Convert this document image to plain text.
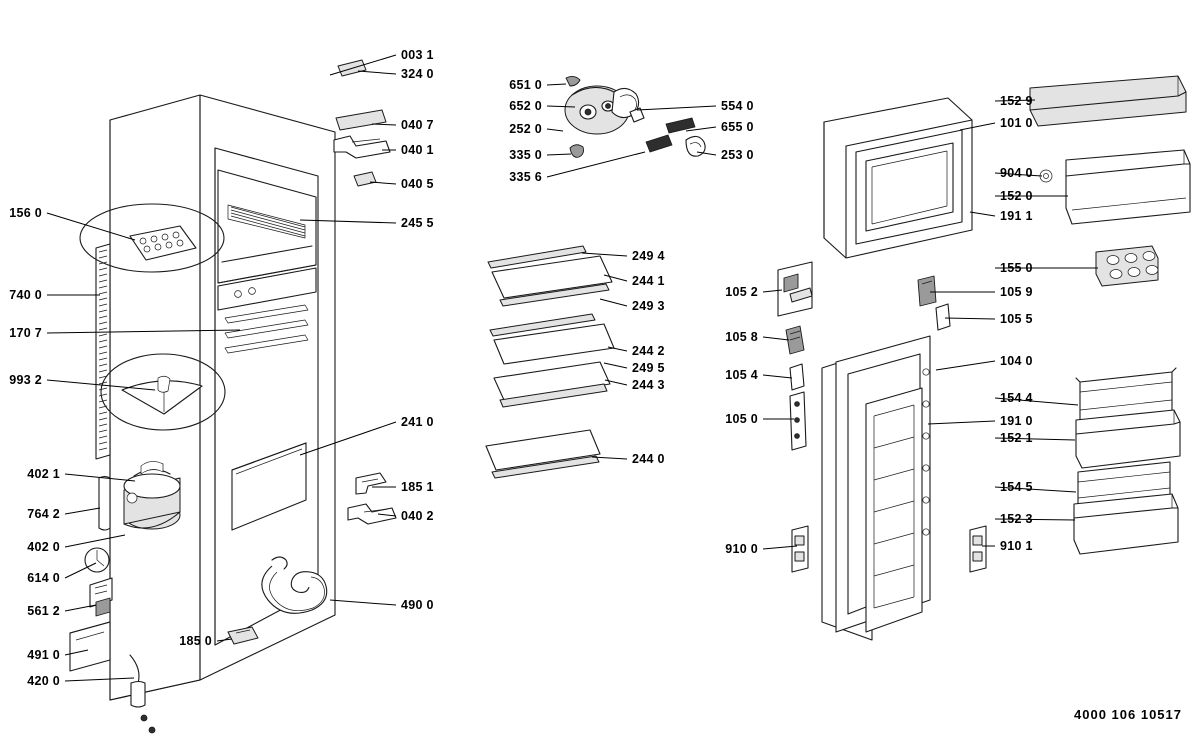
003 1
324 0
040 7
040 1
040 5
245 5
156 0
740 0
170 7
993 2
402 1
764 2
402 0
614 0
561 2
491 0
420 0
185 0
241 0
185 1
040 2
490 0
651 0
652 0
252 0
335 0
335 6
554 0
655 0
253 0
249 4
244 1
249 3
244 2
249 5
244 3
244 0
105 2
105 8
105 4
105 0
910 0
152 9
101 0
904 0
152 0
191 1
155 0
105 9
105 5
104 0
154 4
191 0
152 1
154 5
152 3
910 1
4000 106 10517
